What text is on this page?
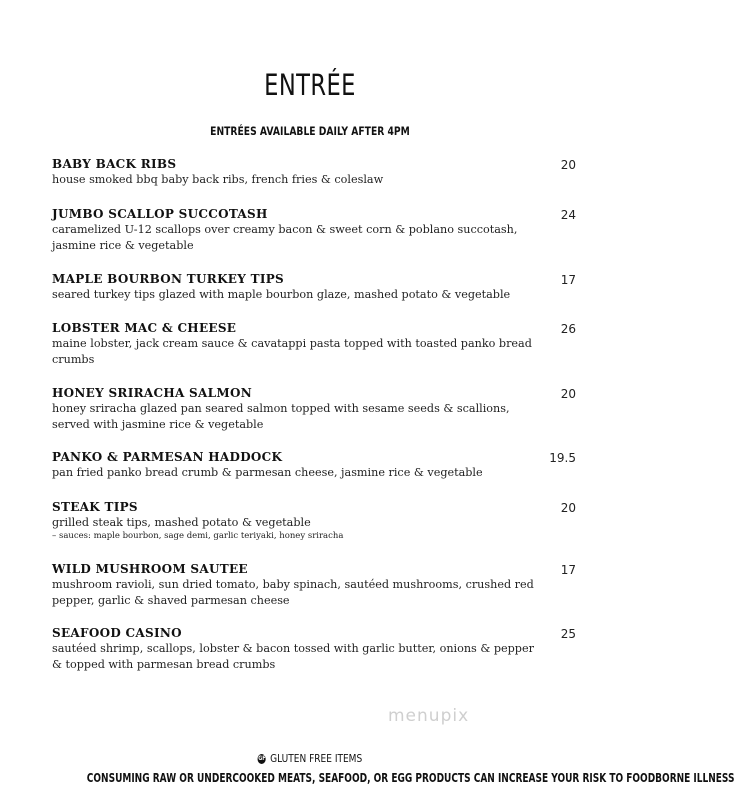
ENTRÉE
ENTRÉES AVAILABLE DAILY AFTER 4PM
BABY BACK RIBS
house smoked bbq baby back ribs, french fries & coleslaw
20
JUMBO SCALLOP SUCCOTASH
caramelized U-12 scallops over creamy bacon & sweet corn & poblano succotash, jasmine rice & vegetable
24
MAPLE BOURBON TURKEY TIPS
seared turkey tips glazed with maple bourbon glaze, mashed potato & vegetable
17
LOBSTER MAC & CHEESE
maine lobster, jack cream sauce & cavatappi pasta topped with toasted panko bread crumbs
26
HONEY SRIRACHA SALMON
honey sriracha glazed pan seared salmon topped with sesame seeds & scallions, served with jasmine rice & vegetable
20
PANKO & PARMESAN HADDOCK
pan fried panko bread crumb & parmesan cheese, jasmine rice & vegetable
19.5
STEAK TIPS
grilled steak tips, mashed potato & vegetable
– sauces: maple bourbon, sage demi, garlic teriyaki, honey sriracha
20
WILD MUSHROOM SAUTEE
mushroom ravioli, sun dried tomato, baby spinach, sautéed mushrooms, crushed red pepper, garlic & shaved parmesan cheese
17
SEAFOOD CASINO
sautéed shrimp, scallops, lobster & bacon tossed with garlic butter, onions & pepper & topped with parmesan bread crumbs
25
menupix
GF GLUTEN FREE ITEMS
CONSUMING RAW OR UNDERCOOKED MEATS, SEAFOOD, OR EGG PRODUCTS CAN INCREASE YOUR RISK TO FOODBORNE ILLNESS
